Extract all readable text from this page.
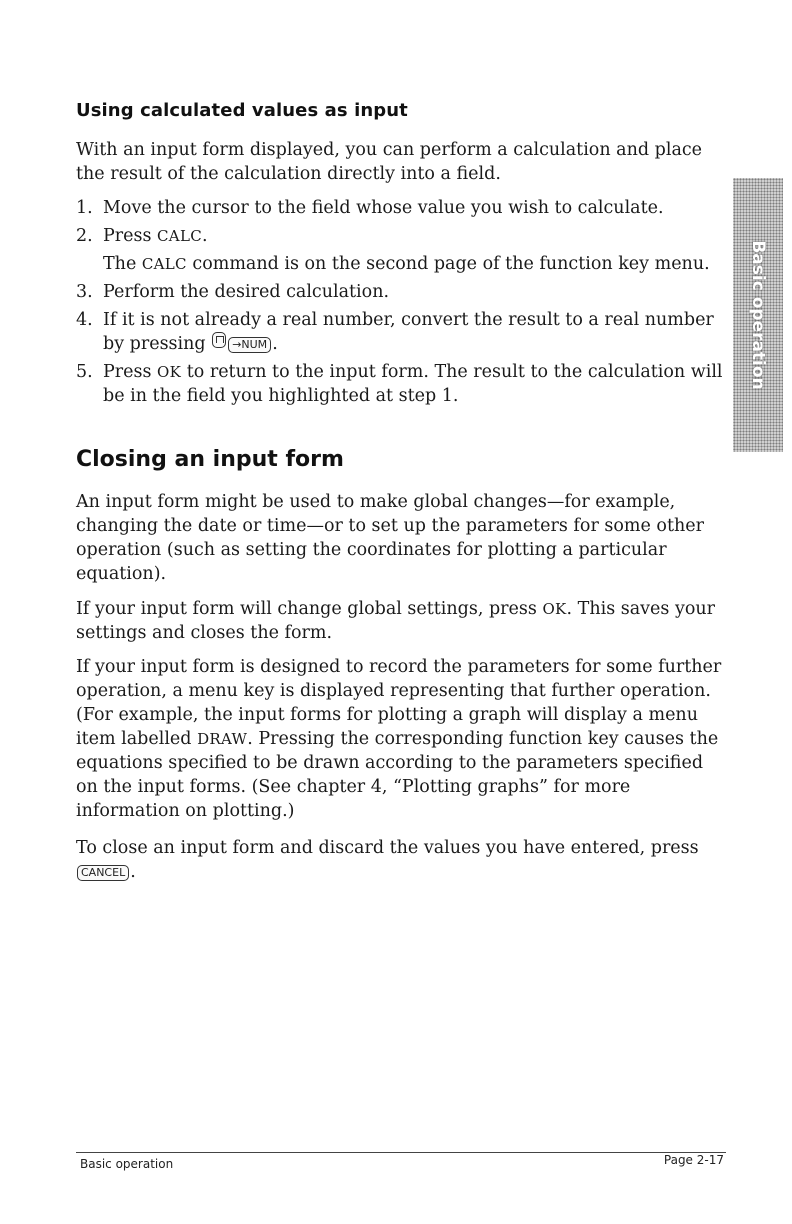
Using calculated values as input

With an input form displayed, you can perform a calculation and place the result of the calculation directly into a field.

1. Move the cursor to the field whose value you wish to calculate.
2. Press CALC.
The CALC command is on the second page of the function key menu.
3. Perform the desired calculation.
4. If it is not already a real number, convert the result to a real number by pressing →NUM .
5. Press OK to return to the input form. The result to the calculation will be in the field you highlighted at step 1.
Closing an input form

An input form might be used to make global changes—for example, changing the date or time—or to set up the parameters for some other operation (such as setting the coordinates for plotting a particular equation).

If your input form will change global settings, press OK. This saves your settings and closes the form.

If your input form is designed to record the parameters for some further operation, a menu key is displayed representing that further operation. (For example, the input forms for plotting a graph will display a menu item labelled DRAW. Pressing the corresponding function key causes the equations specified to be drawn according to the parameters specified on the input forms. (See chapter 4, “Plotting graphs” for more information on plotting.)

To close an input form and discard the values you have entered, press CANCEL .

Basic operation
Basic operation	Page 2-17
